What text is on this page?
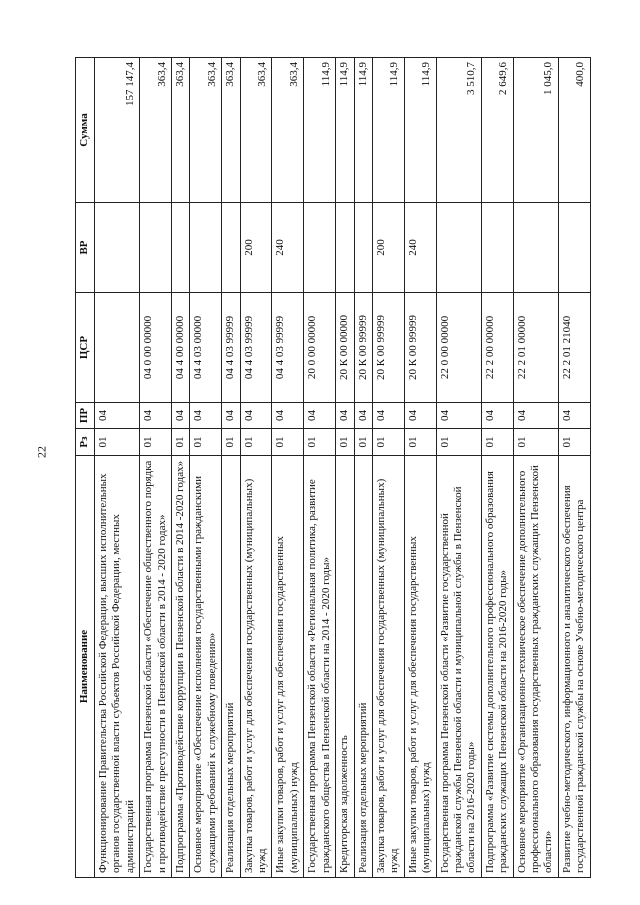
22
Наименование	Рз	ПР	ЦСР	ВР	Сумма
Функционирование Правительства Российской Федерации, высших исполнительных органов государственной власти субъектов Российской Федерации, местных администраций	01	04			157 147,4
Государственная программа Пензенской области «Обеспечение общественного порядка и противодействие преступности в Пензенской области в 2014 - 2020 годах»	01	04	04 0 00 00000		363,4
Подпрограмма «Противодействие коррупции в Пензенской области в 2014 -2020 годах»	01	04	04 4 00 00000		363,4
Основное мероприятие «Обеспечение исполнения государственными гражданскими служащими требований к служебному поведению»	01	04	04 4 03 00000		363,4
Реализация отдельных мероприятий	01	04	04 4 03 99999		363,4
Закупка товаров, работ и услуг для обеспечения государственных (муниципальных) нужд	01	04	04 4 03 99999	200	363,4
Иные закупки товаров, работ и услуг для обеспечения государственных (муниципальных) нужд	01	04	04 4 03 99999	240	363,4
Государственная программа Пензенской области «Региональная политика, развитие гражданского общества в Пензенской области на 2014 - 2020 годы»	01	04	20 0 00 00000		114,9
Кредиторская задолженность	01	04	20 К 00 00000		114,9
Реализация отдельных мероприятий	01	04	20 К 00 99999		114,9
Закупка товаров, работ и услуг для обеспечения государственных (муниципальных) нужд	01	04	20 К 00 99999	200	114,9
Иные закупки товаров, работ и услуг для обеспечения государственных (муниципальных) нужд	01	04	20 К 00 99999	240	114,9
Государственная программа Пензенской области «Развитие государственной гражданской службы Пензенской области и муниципальной службы в Пензенской области на 2016-2020 годы»	01	04	22 0 00 00000		3 510,7
Подпрограмма «Развитие системы дополнительного профессионального образования гражданских служащих Пензенской области на 2016-2020 годы»	01	04	22 2 00 00000		2 649,6
Основное мероприятие «Организационно-техническое обеспечение дополнительного профессионального образования государственных гражданских служащих Пензенской области»	01	04	22 2 01 00000		1 045,0
Развитие учебно-методического, информационного и аналитического обеспечения государственной гражданской службы на основе Учебно-методического центра	01	04	22 2 01 21040		400,0
